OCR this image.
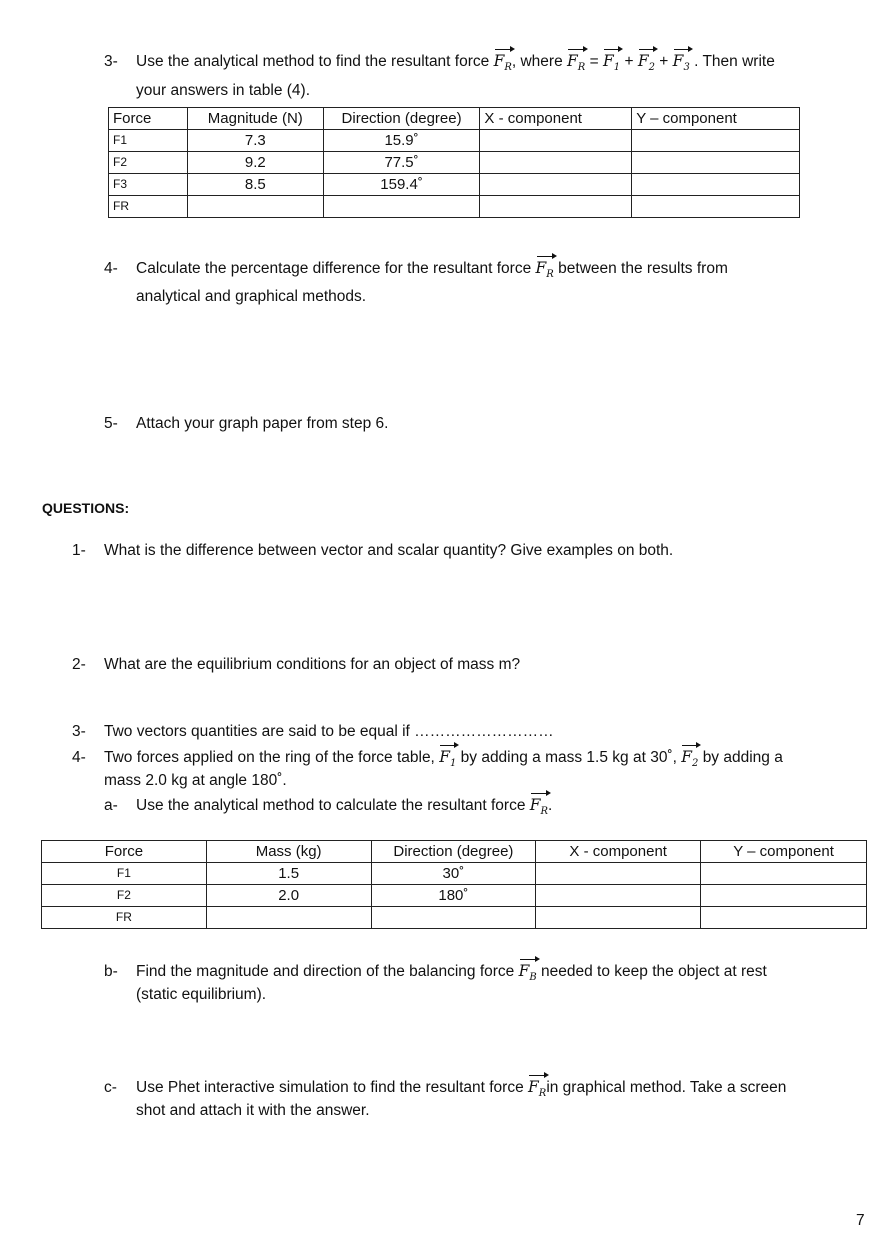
3- Use the analytical method to find the resultant force $F_R$, where $F_R = F_1 + F_2 + F_3$ . Then write
your answers in table (4).
Force	Magnitude (N)	Direction (degree)	X - component	Y – component
F1	7.3	15.9˚		
F2	9.2	77.5˚		
F3	8.5	159.4˚		
FR				
4- Calculate the percentage difference for the resultant force $F_R$ between the results from
analytical and graphical methods.
5- Attach your graph paper from step 6.
QUESTIONS:
1- What is the difference between vector and scalar quantity? Give examples on both.
2- What are the equilibrium conditions for an object of mass m?
3- Two vectors quantities are said to be equal if ………………………
4- Two forces applied on the ring of the force table, $F_1$ by adding a mass 1.5 kg at 30˚, $F_2$ by adding a
mass 2.0 kg at angle 180˚.
a- Use the analytical method to calculate the resultant force $F_R$.
Force	Mass (kg)	Direction (degree)	X - component	Y – component
F1	1.5	30˚		
F2	2.0	180˚		
FR				
b- Find the magnitude and direction of the balancing force $F_B$ needed to keep the object at rest
(static equilibrium).
c- Use Phet interactive simulation to find the resultant force $F_Rin$ graphical method. Take a screen
shot and attach it with the answer.
7
